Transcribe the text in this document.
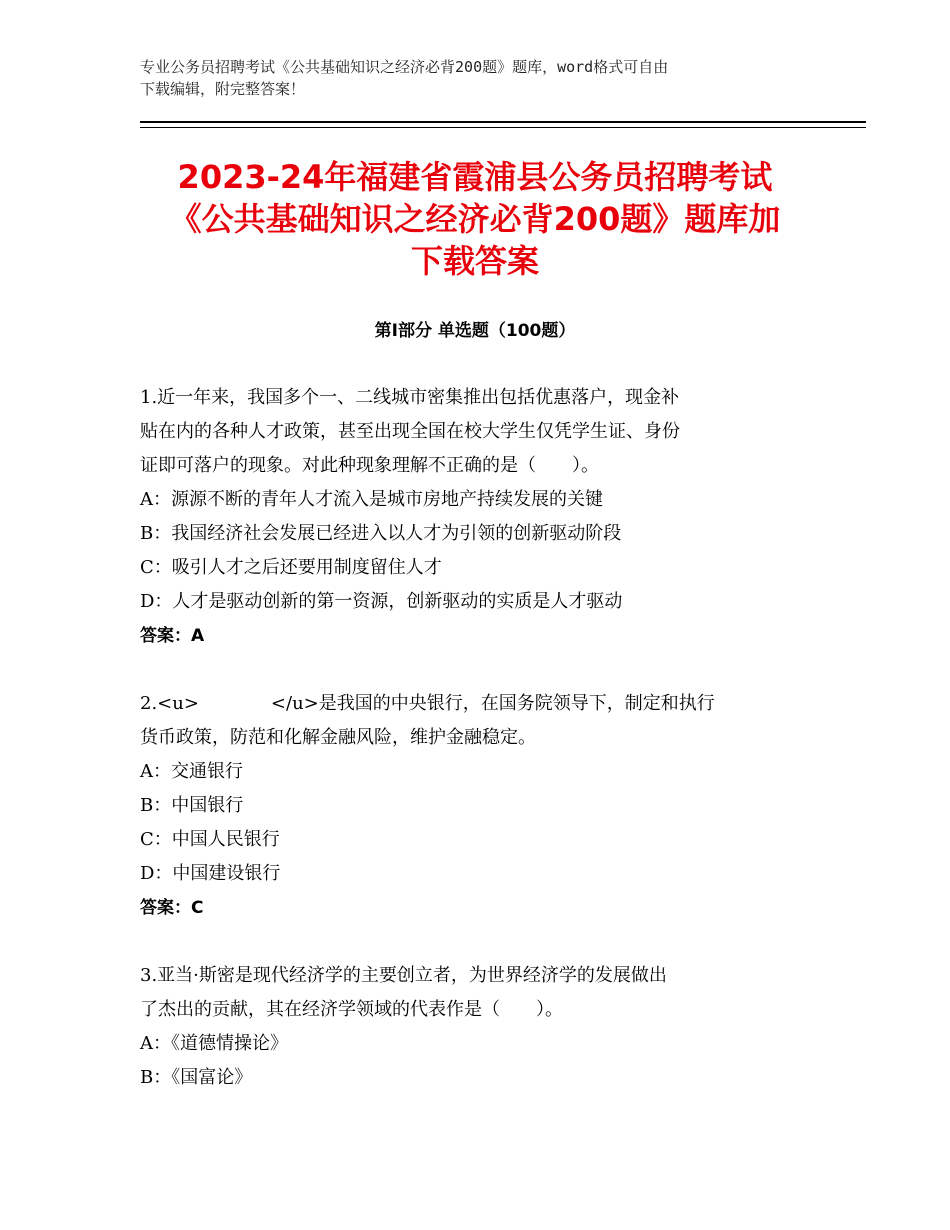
专业公务员招聘考试《公共基础知识之经济必背200题》题库，word格式可自由
下载编辑，附完整答案！
2023-24年福建省霞浦县公务员招聘考试
《公共基础知识之经济必背200题》题库加
下载答案
第Ⅰ部分 单选题（100题）

1.近一年来，我国多个一、二线城市密集推出包括优惠落户，现金补

贴在内的各种人才政策，甚至出现全国在校大学生仅凭学生证、身份

证即可落户的现象。对此种现象理解不正确的是（　　）。

A：源源不断的青年人才流入是城市房地产持续发展的关键

B：我国经济社会发展已经进入以人才为引领的创新驱动阶段

C：吸引人才之后还要用制度留住人才

D：人才是驱动创新的第一资源，创新驱动的实质是人才驱动

答案：A

2.<u>　　　　</u>是我国的中央银行，在国务院领导下，制定和执行

货币政策，防范和化解金融风险，维护金融稳定。

A：交通银行

B：中国银行

C：中国人民银行

D：中国建设银行

答案：C

3.亚当·斯密是现代经济学的主要创立者，为世界经济学的发展做出

了杰出的贡献，其在经济学领域的代表作是（　　）。

A：《道德情操论》

B：《国富论》
